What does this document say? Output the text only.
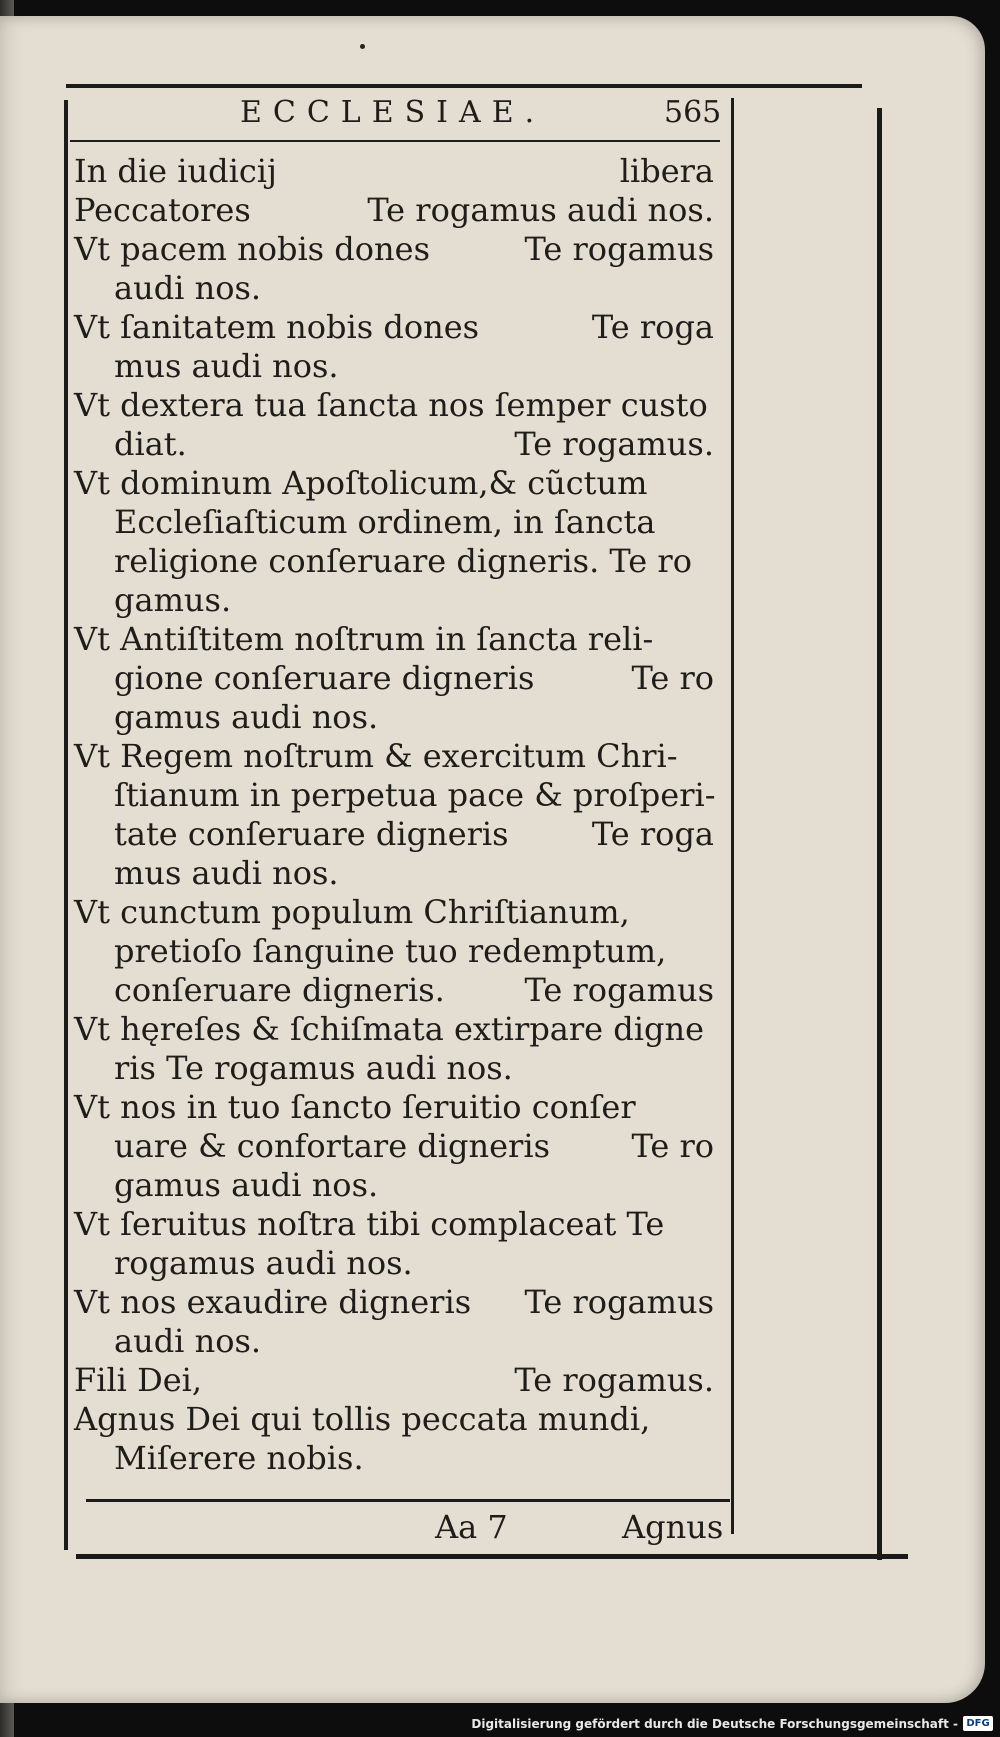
ECCLESIAE.	565
In die iudicij	libera
Peccatores	Te rogamus audi nos.
Vt pacem nobis dones	Te rogamus
audi nos.
Vt ſanitatem nobis dones	Te roga
mus audi nos.
Vt dextera tua ſancta nos ſemper custo
diat.	Te rogamus.
Vt dominum Apoſtolicum,& cũctum
Eccleſiaſticum ordinem, in ſancta
religione conſeruare digneris. Te ro
gamus.
Vt Antiſtitem noſtrum in ſancta reli-
gione conſeruare digneris	Te ro
gamus audi nos.
Vt Regem noſtrum & exercitum Chri-
ſtianum in perpetua pace & proſperi-
tate conſeruare digneris	Te roga
mus audi nos.
Vt cunctum populum Chriſtianum,
pretioſo ſanguine tuo redemptum,
conſeruare digneris. Te rogamus
Vt hęreſes & ſchiſmata extirpare digne
ris Te rogamus audi nos.
Vt nos in tuo ſancto ſeruitio conſer
uare & confortare digneris	Te ro
gamus audi nos.
Vt ſeruitus noſtra tibi complaceat Te
rogamus audi nos.
Vt nos exaudire digneris Te rogamus
audi nos.
Fili Dei,	Te rogamus.
Agnus Dei qui tollis peccata mundi,
Miſerere nobis.
Aa 7	Agnus
Digitalisierung gefördert durch die Deutsche Forschungsgemeinschaft - DFG
